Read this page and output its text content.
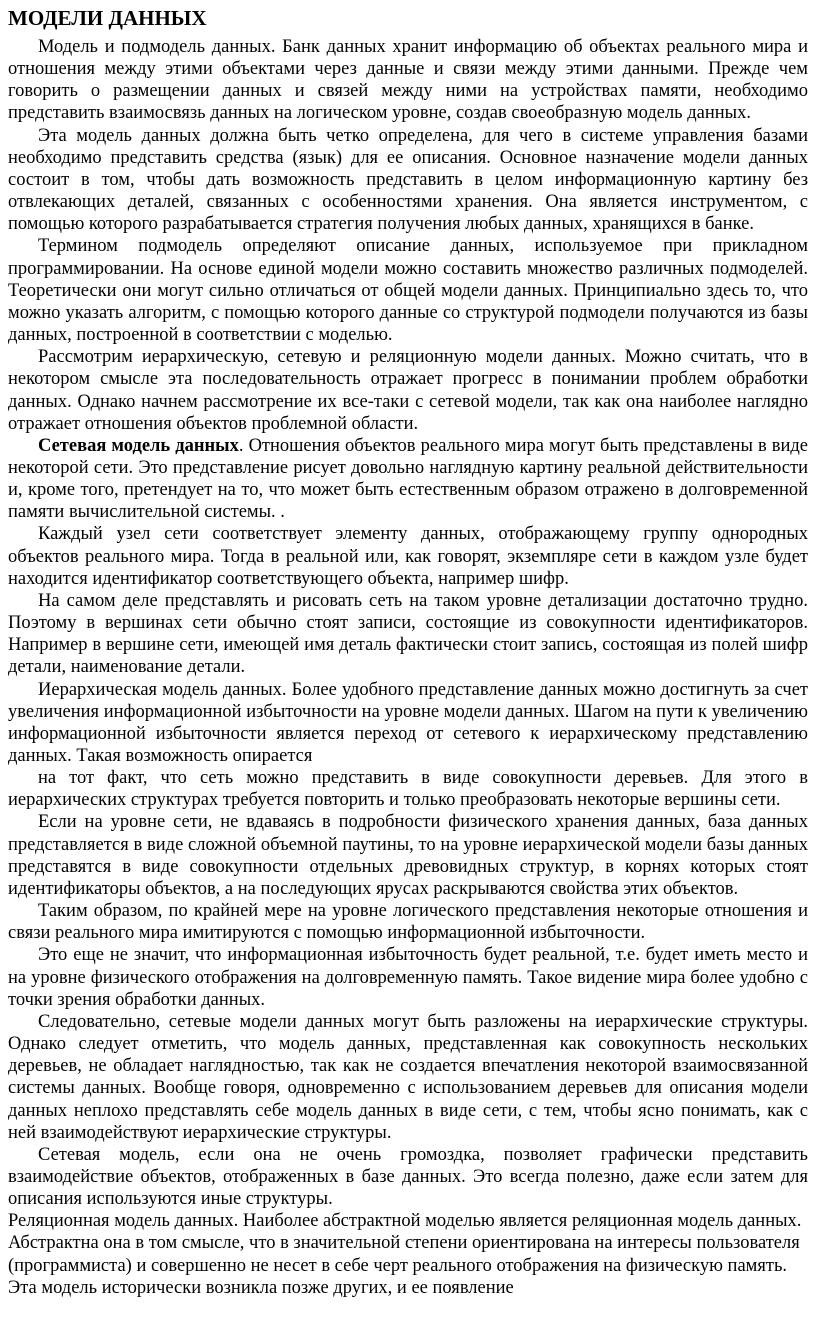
МОДЕЛИ ДАННЫХ

Модель и подмодель данных. Банк данных хранит информацию об объектах реального мира и отношения между этими объектами через данные и связи между этими данными. Прежде чем говорить о размещении данных и связей между ними на устройствах памяти, необходимо представить взаимосвязь данных на логическом уровне, создав своеобразную модель данных.

Эта модель данных должна быть четко определена, для чего в системе управления базами необходимо представить средства (язык) для ее описания. Основное назначение модели данных состоит в том, чтобы дать возможность представить в целом информационную картину без отвлекающих деталей, связанных с особенностями хранения. Она является инструментом, с помощью которого разрабатывается стратегия получения любых данных, хранящихся в банке.

Термином подмодель определяют описание данных, используемое при прикладном программировании. На основе единой модели можно составить множество различных подмоделей. Теоретически они могут сильно отличаться от общей модели данных. Принципиально здесь то, что можно указать алгоритм, с помощью которого данные со структурой подмодели получаются из базы данных, построенной в соответствии с моделью.

Рассмотрим иерархическую, сетевую и реляционную модели данных. Можно считать, что в некотором смысле эта последовательность отражает прогресс в понимании проблем обработки данных. Однако начнем рассмотрение их все-таки с сетевой модели, так как она наиболее наглядно отражает отношения объектов проблемной области.

Сетевая модель данных. Отношения объектов реального мира могут быть представлены в виде некоторой сети. Это представление рисует довольно наглядную картину реальной действительности и, кроме того, претендует на то, что может быть естественным образом отражено в долговременной памяти вычислительной системы. .

Каждый узел сети соответствует элементу данных, отображающему группу однородных объектов реального мира. Тогда в реальной или, как говорят, экземпляре сети в каждом узле будет находится идентификатор соответствующего объекта, например шифр.

На самом деле представлять и рисовать сеть на таком уровне детализации достаточно трудно. Поэтому в вершинах сети обычно стоят записи, состоящие из совокупности идентификаторов. Например в вершине сети, имеющей имя деталь фактически стоит запись, состоящая из полей шифр детали, наименование детали.

Иерархическая модель данных. Более удобного представление данных можно достигнуть за счет увеличения информационной избыточности на уровне модели данных. Шагом на пути к увеличению информационной избыточности является переход от сетевого к иерархическому представлению данных. Такая возможность опирается

на тот факт, что сеть можно представить в виде совокупности деревьев. Для этого в иерархических структурах требуется повторить и только преобразовать некоторые вершины сети.

Если на уровне сети, не вдаваясь в подробности физического хранения данных, база данных представляется в виде сложной объемной паутины, то на уровне иерархической модели базы данных представятся в виде совокупности отдельных древовидных структур, в корнях которых стоят идентификаторы объектов, а на последующих ярусах раскрываются свойства этих объектов.

Таким образом, по крайней мере на уровне логического представления некоторые отношения и связи реального мира имитируются с помощью информационной избыточности.

Это еще не значит, что информационная избыточность будет реальной, т.е. будет иметь место и на уровне физического отображения на долговременную память. Такое видение мира более удобно с точки зрения обработки данных.

Следовательно, сетевые модели данных могут быть разложены на иерархические структуры. Однако следует отметить, что модель данных, представленная как совокупность нескольких деревьев, не обладает наглядностью, так как не создается впечатления некоторой взаимосвязанной системы данных. Вообще говоря, одновременно с использованием деревьев для описания модели данных неплохо представлять себе модель данных в виде сети, с тем, чтобы ясно понимать, как с ней взаимодействуют иерархические структуры.

Сетевая модель, если она не очень громоздка, позволяет графически представить взаимодействие объектов, отображенных в базе данных. Это всегда полезно, даже если затем для описания используются иные структуры.

Реляционная модель данных. Наиболее абстрактной моделью является реляционная модель данных. Абстрактна она в том смысле, что в значительной степени ориентирована на интересы пользователя (программиста) и совершенно не несет в себе черт реального отображения на физическую память. Эта модель исторически возникла позже других, и ее появление
